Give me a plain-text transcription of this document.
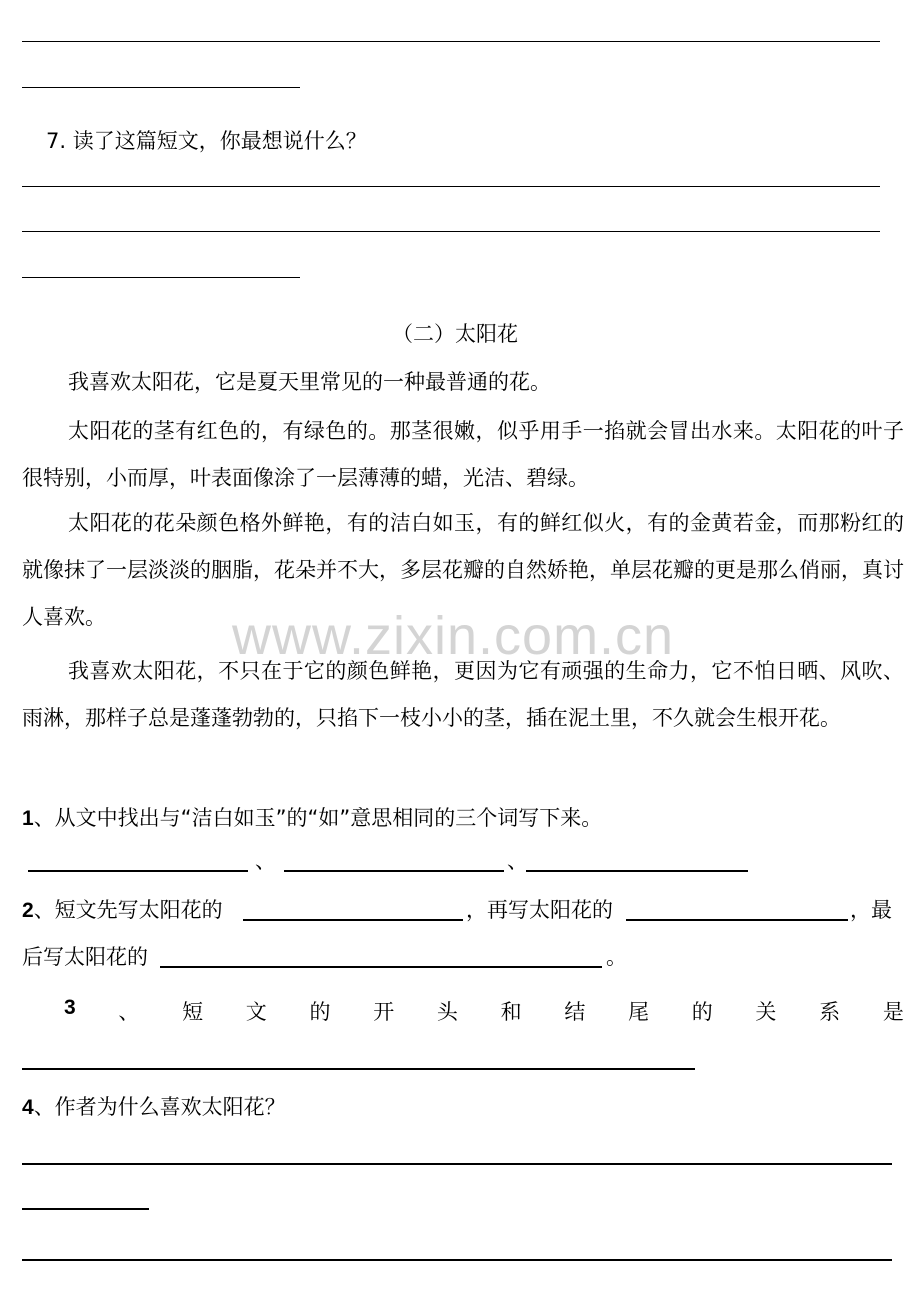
7. 读了这篇短文，你最想说什么？
（二）太阳花
我喜欢太阳花，它是夏天里常见的一种最普通的花。
太阳花的茎有红色的，有绿色的。那茎很嫩，似乎用手一掐就会冒出水来。太阳花的叶子很特别，小而厚，叶表面像涂了一层薄薄的蜡，光洁、碧绿。
太阳花的花朵颜色格外鲜艳，有的洁白如玉，有的鲜红似火，有的金黄若金，而那粉红的就像抹了一层淡淡的胭脂，花朵并不大，多层花瓣的自然娇艳，单层花瓣的更是那么俏丽，真讨人喜欢。
我喜欢太阳花，不只在于它的颜色鲜艳，更因为它有顽强的生命力，它不怕日晒、风吹、雨淋，那样子总是蓬蓬勃勃的，只掐下一枝小小的茎，插在泥土里，不久就会生根开花。
www.zixin.com.cn
1、从文中找出与“洁白如玉”的“如”意思相同的三个词写下来。
、	、
2、短文先写太阳花的	，再写太阳花的	，最
后写太阳花的	。
3 、 短 文 的 开 头 和 结 尾 的 关 系 是
4、作者为什么喜欢太阳花？
